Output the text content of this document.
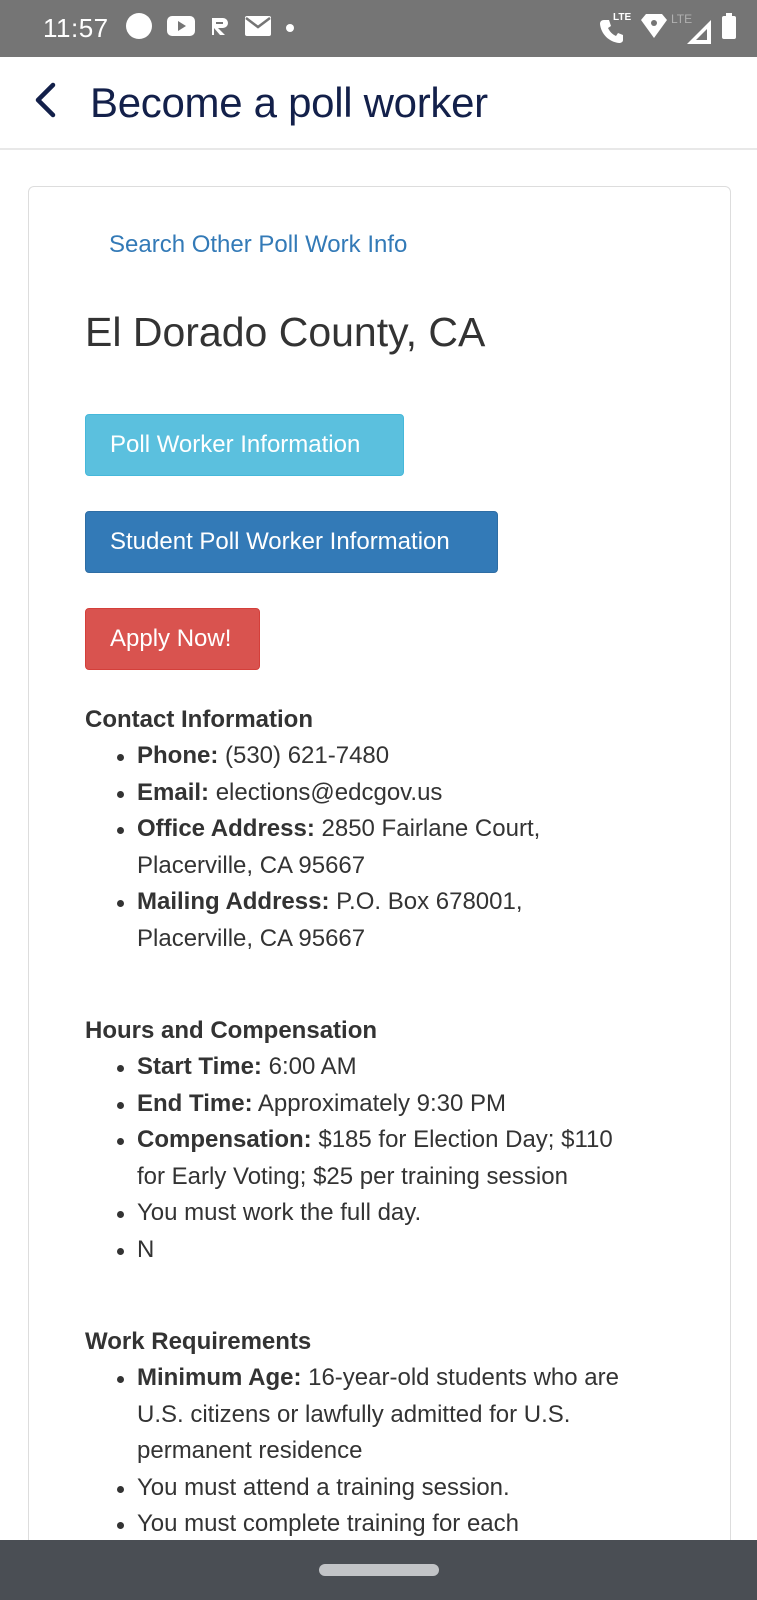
11:57	LTE	LTE
Become a poll worker
Search Other Poll Work Info
El Dorado County, CA
Poll Worker Information
Student Poll Worker Information
Apply Now!
Contact Information
Phone: (530) 621-7480
Email: elections@edcgov.us
Office Address: 2850 Fairlane Court,
Placerville, CA 95667
Mailing Address: P.O. Box 678001,
Placerville, CA 95667
Hours and Compensation
Start Time: 6:00 AM
End Time: Approximately 9:30 PM
Compensation: $185 for Election Day; $110
for Early Voting; $25 per training session
You must work the full day.
N
Work Requirements
Minimum Age: 16-year-old students who are
U.S. citizens or lawfully admitted for U.S.
permanent residence
You must attend a training session.
You must complete training for each
